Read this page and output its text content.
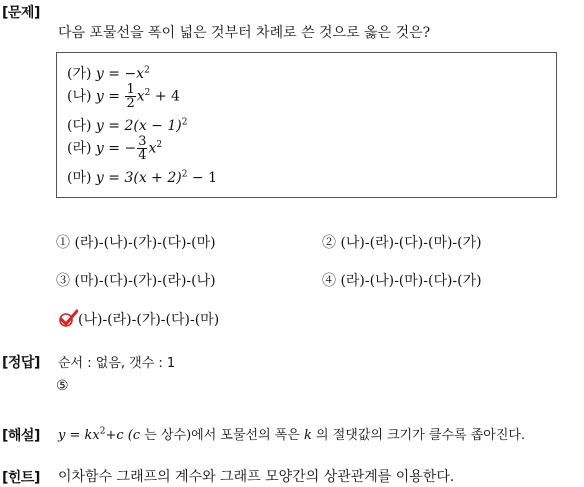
[문제]
다음 포물선을 폭이 넓은 것부터 차례로 쓴 것으로 옳은 것은?
(가) $y = -x^2$
(나) $y = \frac{1}{2} x^2 + 4$
(다) $y = 2(x - 1)^2$
(라) y = − $\frac{3}{4} x^2$
(마) $y = 3(x + 2)^2 - 1$
① (라)-(나)-(가)-(다)-(마)	② (나)-(라)-(다)-(마)-(가)
③ (마)-(다)-(가)-(라)-(나)	④ (라)-(나)-(마)-(다)-(가)
(나)-(라)-(가)-(다)-(마)
[정답] 순서 : 없음, 갯수 : 1
⑤
[해설] $y = kx^2+c$ (c 는 상수)에서 포물선의 폭은 k 의 절댓값의 크기가 클수록 좁아진다.
[힌트] 이차함수 그래프의 계수와 그래프 모양간의 상관관계를 이용한다.
